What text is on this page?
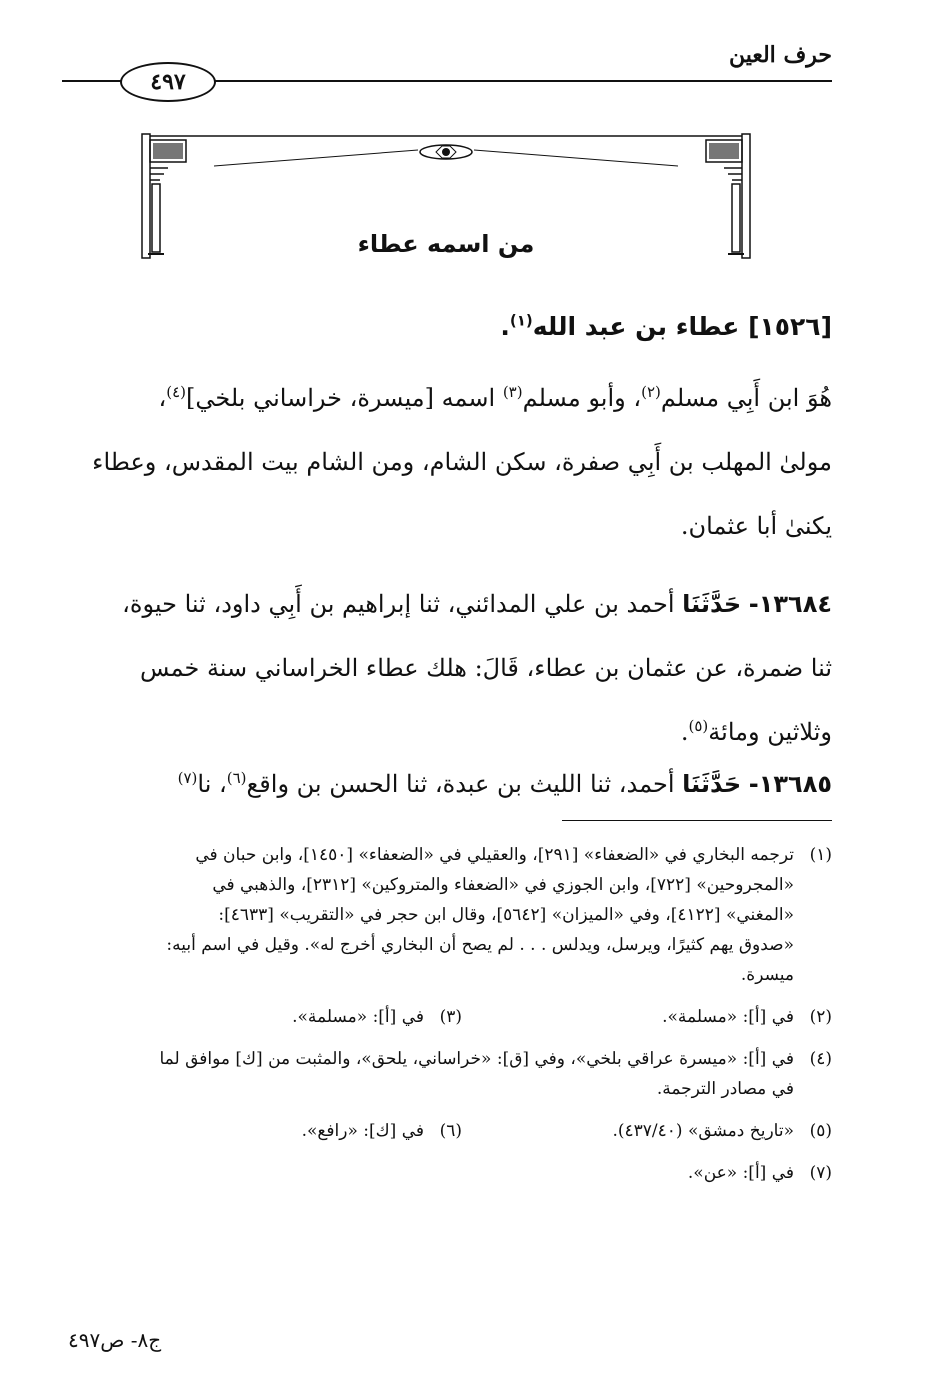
حرف العين
٤٩٧
من اسمه عطاء
[١٥٢٦] عطاء بن عبد الله$^{(١)}$.
هُوَ ابن أَبِي مسلم$^{(٢)}$، وأبو مسلم$^{(٣)}$ اسمه [ميسرة، خراساني بلخي]$^{(٤)}$،
مولىٰ المهلب بن أَبِي صفرة، سكن الشام، ومن الشام بيت المقدس، وعطاء
يكنىٰ أبا عثمان.
١٣٦٨٤- حَدَّثَنَا أحمد بن علي المدائني، ثنا إبراهيم بن أَبِي داود، ثنا حيوة،
ثنا ضمرة، عن عثمان بن عطاء، قَالَ: هلك عطاء الخراساني سنة خمس
وثلاثين ومائة$^{(٥)}$.
١٣٦٨٥- حَدَّثَنَا أحمد، ثنا الليث بن عبدة، ثنا الحسن بن واقع$^{(٦)}$، نا$^{(٧)}$
(١)
ترجمه البخاري في «الضعفاء» [٢٩١]، والعقيلي في «الضعفاء» [١٤٥٠]، وابن حبان في
«المجروحين» [٧٢٢]، وابن الجوزي في «الضعفاء والمتروكين» [٢٣١٢]، والذهبي في
«المغني» [٤١٢٢]، وفي «الميزان» [٥٦٤٢]، وقال ابن حجر في «التقريب» [٤٦٣٣]:
«صدوق يهم كثيرًا، ويرسل، ويدلس . . . لم يصح أن البخاري أخرج له». وقيل في اسم أبيه:
ميسرة.
(٢)
في [أ]: «مسلمة».
(٣)
في [أ]: «مسلمة».
(٤)
في [أ]: «ميسرة عراقي بلخي»، وفي [ق]: «خراساني، يلحق»، والمثبت من [ك] موافق لما
في مصادر الترجمة.
(٥)
«تاريخ دمشق» (٤٣٧/٤٠).
(٦)
في [ك]: «رافع».
(٧)
في [أ]: «عن».
ج٨- ص٤٩٧
